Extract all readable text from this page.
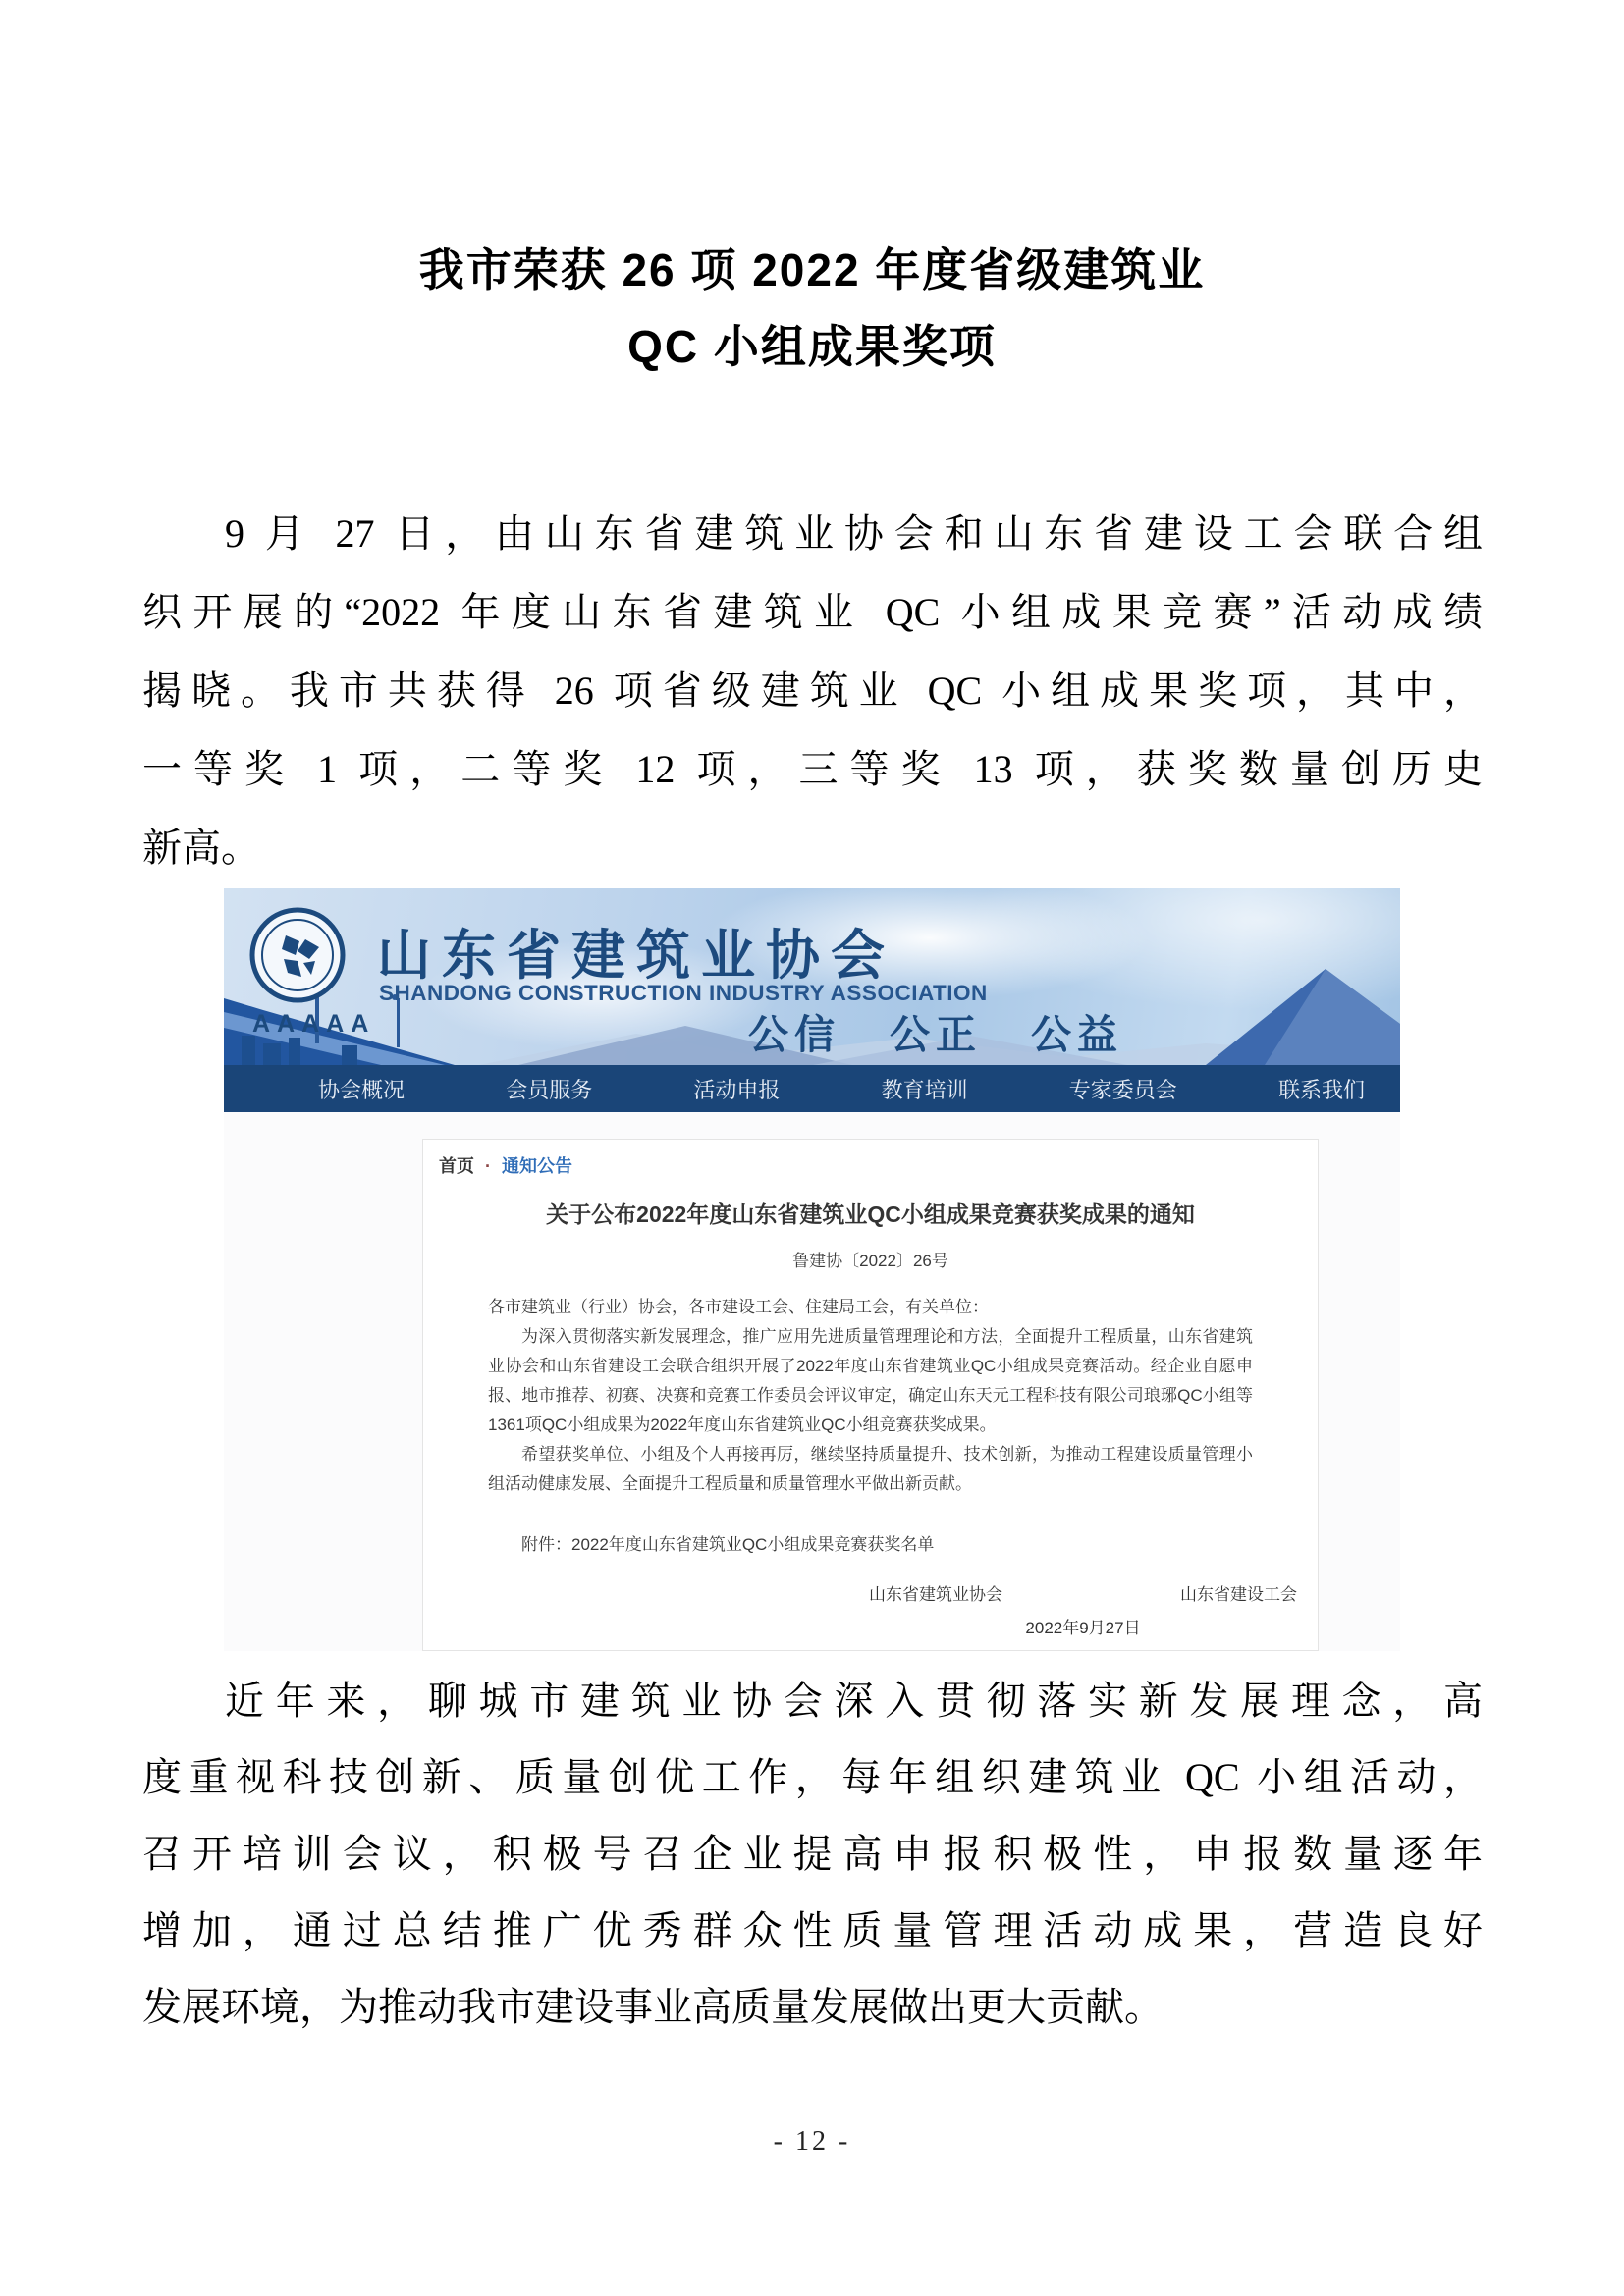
我市荣获 26 项 2022 年度省级建筑业
QC 小组成果奖项
9 月 27 日，由山东省建筑业协会和山东省建设工会联合组
织开展的“2022 年度山东省建筑业 QC 小组成果竞赛”活动成绩
揭晓。我市共获得 26 项省级建筑业 QC 小组成果奖项，其中，
一等奖 1 项，二等奖 12 项，三等奖 13 项，获奖数量创历史
新高。
AAAAA
山东省建筑业协会
SHANDONG CONSTRUCTION INDUSTRY ASSOCIATION
公信 公正 公益
协会概况	会员服务	活动申报	教育培训	专家委员会	联系我们
首页 · 通知公告
关于公布2022年度山东省建筑业QC小组成果竞赛获奖成果的通知
鲁建协〔2022〕26号

各市建筑业（行业）协会，各市建设工会、住建局工会，有关单位：

为深入贯彻落实新发展理念，推广应用先进质量管理理论和方法，全面提升工程质量，山东省建筑业协会和山东省建设工会联合组织开展了2022年度山东省建筑业QC小组成果竞赛活动。经企业自愿申报、地市推荐、初赛、决赛和竞赛工作委员会评议审定，确定山东天元工程科技有限公司琅琊QC小组等1361项QC小组成果为2022年度山东省建筑业QC小组竞赛获奖成果。

希望获奖单位、小组及个人再接再厉，继续坚持质量提升、技术创新，为推动工程建设质量管理小组活动健康发展、全面提升工程质量和质量管理水平做出新贡献。

附件：2022年度山东省建筑业QC小组成果竞赛获奖名单
山东省建筑业协会	山东省建设工会
2022年9月27日
近年来，聊城市建筑业协会深入贯彻落实新发展理念，高
度重视科技创新、质量创优工作，每年组织建筑业 QC 小组活动，
召开培训会议，积极号召企业提高申报积极性，申报数量逐年
增加，通过总结推广优秀群众性质量管理活动成果，营造良好
发展环境，为推动我市建设事业高质量发展做出更大贡献。
- 12 -
